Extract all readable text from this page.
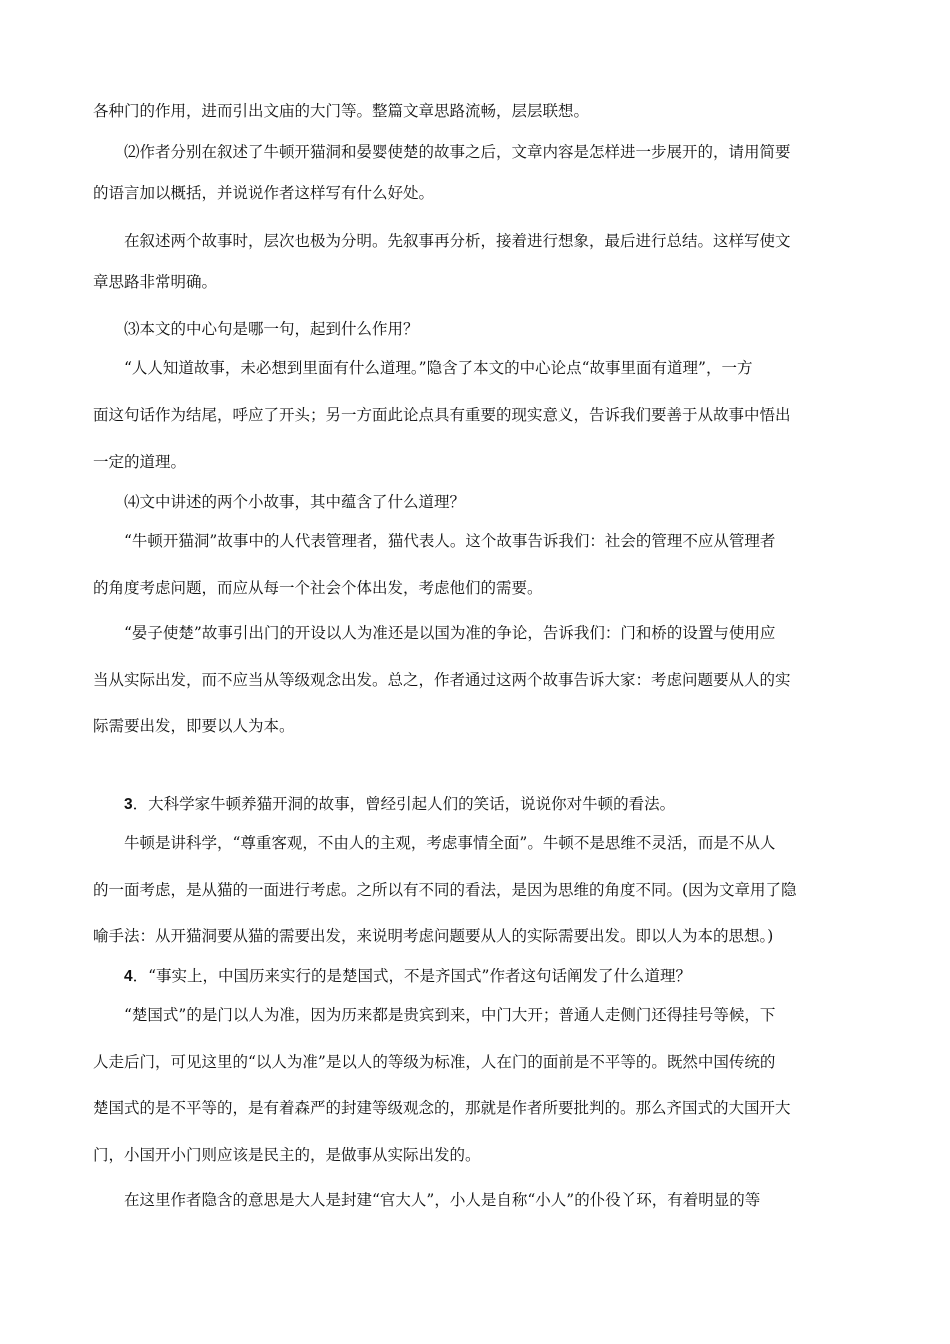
各种门的作用，进而引出文庙的大门等。整篇文章思路流畅，层层联想。
⑵作者分别在叙述了牛顿开猫洞和晏婴使楚的故事之后，文章内容是怎样进一步展开的，请用简要
的语言加以概括，并说说作者这样写有什么好处。
在叙述两个故事时，层次也极为分明。先叙事再分析，接着进行想象，最后进行总结。这样写使文
章思路非常明确。
⑶本文的中心句是哪一句，起到什么作用？
“人人知道故事，未必想到里面有什么道理。”隐含了本文的中心论点“故事里面有道理”，一方
面这句话作为结尾，呼应了开头；另一方面此论点具有重要的现实意义，告诉我们要善于从故事中悟出
一定的道理。
⑷文中讲述的两个小故事，其中蕴含了什么道理？
“牛顿开猫洞”故事中的人代表管理者，猫代表人。这个故事告诉我们：社会的管理不应从管理者
的角度考虑问题，而应从每一个社会个体出发，考虑他们的需要。
“晏子使楚”故事引出门的开设以人为准还是以国为准的争论，告诉我们：门和桥的设置与使用应
当从实际出发，而不应当从等级观念出发。总之，作者通过这两个故事告诉大家：考虑问题要从人的实
际需要出发，即要以人为本。
3．大科学家牛顿养猫开洞的故事，曾经引起人们的笑话，说说你对牛顿的看法。
牛顿是讲科学，“尊重客观，不由人的主观，考虑事情全面”。牛顿不是思维不灵活，而是不从人
的一面考虑，是从猫的一面进行考虑。之所以有不同的看法，是因为思维的角度不同。(因为文章用了隐
喻手法：从开猫洞要从猫的需要出发，来说明考虑问题要从人的实际需要出发。即以人为本的思想。)
4．“事实上，中国历来实行的是楚国式，不是齐国式”作者这句话阐发了什么道理？
“楚国式”的是门以人为准，因为历来都是贵宾到来，中门大开；普通人走侧门还得挂号等候，下
人走后门，可见这里的“以人为准”是以人的等级为标准，人在门的面前是不平等的。既然中国传统的
楚国式的是不平等的，是有着森严的封建等级观念的，那就是作者所要批判的。那么齐国式的大国开大
门，小国开小门则应该是民主的，是做事从实际出发的。
在这里作者隐含的意思是大人是封建“官大人”，小人是自称“小人”的仆役丫环，有着明显的等
